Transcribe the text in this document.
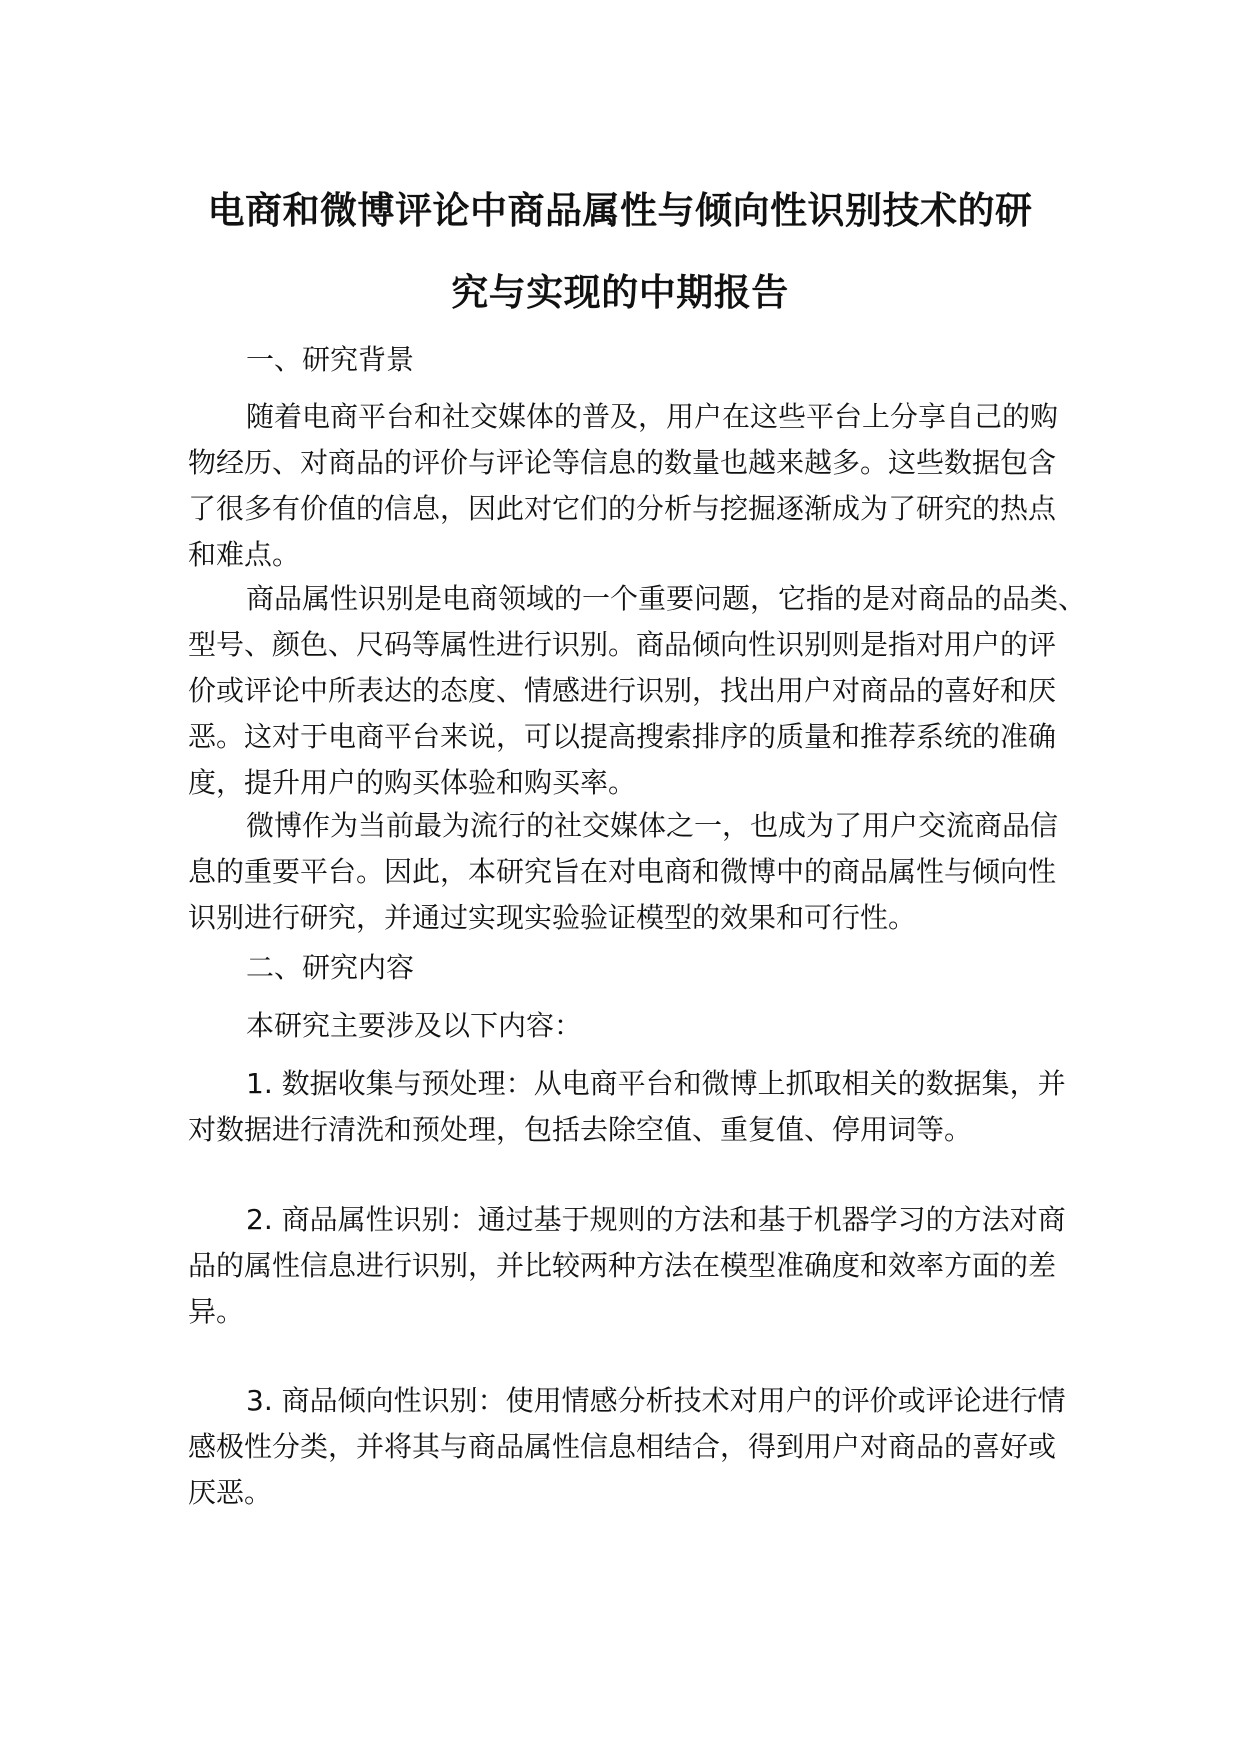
电商和微博评论中商品属性与倾向性识别技术的研
究与实现的中期报告
一、研究背景
随着电商平台和社交媒体的普及，用户在这些平台上分享自己的购
物经历、对商品的评价与评论等信息的数量也越来越多。这些数据包含
了很多有价值的信息，因此对它们的分析与挖掘逐渐成为了研究的热点
和难点。
商品属性识别是电商领域的一个重要问题，它指的是对商品的品类、
型号、颜色、尺码等属性进行识别。商品倾向性识别则是指对用户的评
价或评论中所表达的态度、情感进行识别，找出用户对商品的喜好和厌
恶。这对于电商平台来说，可以提高搜索排序的质量和推荐系统的准确
度，提升用户的购买体验和购买率。
微博作为当前最为流行的社交媒体之一，也成为了用户交流商品信
息的重要平台。因此，本研究旨在对电商和微博中的商品属性与倾向性
识别进行研究，并通过实现实验验证模型的效果和可行性。
二、研究内容
本研究主要涉及以下内容：
1. 数据收集与预处理：从电商平台和微博上抓取相关的数据集，并
对数据进行清洗和预处理，包括去除空值、重复值、停用词等。
2. 商品属性识别：通过基于规则的方法和基于机器学习的方法对商
品的属性信息进行识别，并比较两种方法在模型准确度和效率方面的差
异。
3. 商品倾向性识别：使用情感分析技术对用户的评价或评论进行情
感极性分类，并将其与商品属性信息相结合，得到用户对商品的喜好或
厌恶。
